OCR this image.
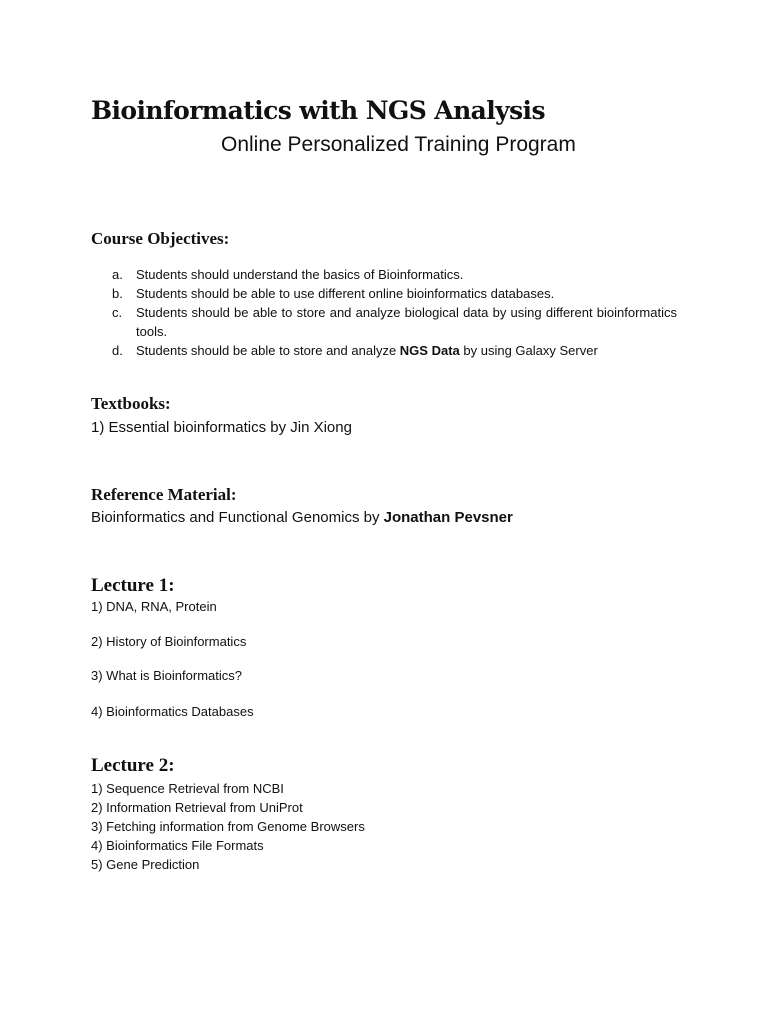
Bioinformatics with NGS Analysis
Online Personalized Training Program
Course Objectives:
a. Students should understand the basics of Bioinformatics.
b. Students should be able to use different online bioinformatics databases.
c. Students should be able to store and analyze biological data by using different bioinformatics tools.
d. Students should be able to store and analyze NGS Data by using Galaxy Server
Textbooks:

1) Essential bioinformatics by Jin Xiong

Reference Material:

Bioinformatics and Functional Genomics by Jonathan Pevsner

Lecture 1:

1) DNA, RNA, Protein

2) History of Bioinformatics

3) What is Bioinformatics?

4) Bioinformatics Databases

Lecture 2:
1) Sequence Retrieval from NCBI
2) Information Retrieval from UniProt
3) Fetching information from Genome Browsers
4) Bioinformatics File Formats
5) Gene Prediction
